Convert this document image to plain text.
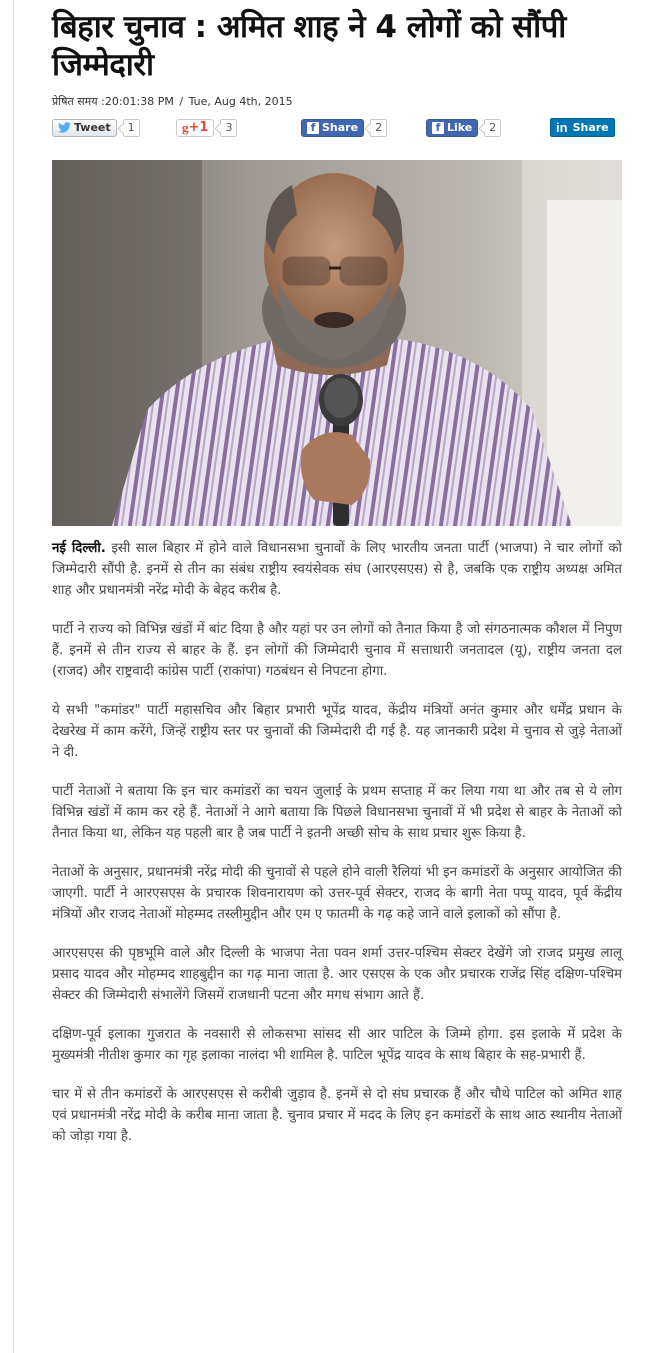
बिहार चुनाव : अमित शाह ने 4 लोगों को सौंपी जिम्मेदारी
प्रेषित समय :20:01:38 PM / Tue, Aug 4th, 2015
Tweet	1	g +1	3	f Share	2	f Like	2	in Share

नई दिल्ली. इसी साल बिहार में होने वाले विधानसभा चुनावों के लिए भारतीय जनता पार्टी (भाजपा) ने चार लोगों को जिम्मेदारी सौंपी है. इनमें से तीन का संबंध राष्ट्रीय स्वयंसेवक संघ (आरएसएस) से है, जबकि एक राष्ट्रीय अध्यक्ष अमित शाह और प्रधानमंत्री नरेंद्र मोदी के बेहद करीब है.

पार्टी ने राज्य को विभिन्न खंडों में बांट दिया है और यहां पर उन लोगों को तैनात किया है जो संगठनात्मक कौशल में निपुण हैं. इनमें से तीन राज्य से बाहर के हैं. इन लोगों की जिम्मेदारी चुनाव में सत्ताधारी जनतादल (यू), राष्ट्रीय जनता दल (राजद) और राष्ट्रवादी कांग्रेस पार्टी (राकांपा) गठबंधन से निपटना होगा.

ये सभी "कमांडर" पार्टी महासचिव और बिहार प्रभारी भूपेंद्र यादव, केंद्रीय मंत्रियों अनंत कुमार और धर्मेंद्र प्रधान के देखरेख में काम करेंगे, जिन्हें राष्ट्रीय स्तर पर चुनावों की जिम्मेदारी दी गई है. यह जानकारी प्रदेश मे चुनाव से जुड़े नेताओं ने दी.

पार्टी नेताओं ने बताया कि इन चार कमांडरों का चयन जुलाई के प्रथम सप्ताह में कर लिया गया था और तब से ये लोग विभिन्न खंडों में काम कर रहे हैं. नेताओं ने आगे बताया कि पिछले विधानसभा चुनावों में भी प्रदेश से बाहर के नेताओं को तैनात किया था, लेकिन यह पहली बार है जब पार्टी ने इतनी अच्छी सोच के साथ प्रचार शुरू किया है.

नेताओं के अनुसार, प्रधानमंत्री नरेंद्र मोदी की चुनावों से पहले होने वाली रैलियां भी इन कमांडरों के अनुसार आयोजित की जाएगी. पार्टी ने आरएसएस के प्रचारक शिवनारायण को उत्तर-पूर्व सेक्टर, राजद के बागी नेता पप्पू यादव, पूर्व केंद्रीय मंत्रियों और राजद नेताओं मोहम्मद तस्लीमुद्दीन और एम ए फातमी के गढ़ कहे जाने वाले इलाकों को सौंपा है.

आरएसएस की पृष्ठभूमि वाले और दिल्ली के भाजपा नेता पवन शर्मा उत्तर-पश्चिम सेक्टर देखेंगे जो राजद प्रमुख लालू प्रसाद यादव और मोहम्मद शाहबुद्दीन का गढ़ माना जाता है. आर एसएस के एक और प्रचारक राजेंद्र सिंह दक्षिण-पश्चिम सेक्टर की जिम्मेदारी संभालेंगे जिसमें राजधानी पटना और मगध संभाग आते हैं.

दक्षिण-पूर्व इलाका गुजरात के नवसारी से लोकसभा सांसद सी आर पाटिल के जिम्मे होगा. इस इलाके में प्रदेश के मुख्यमंत्री नीतीश कुमार का गृह इलाका नालंदा भी शामिल है. पाटिल भूपेंद्र यादव के साथ बिहार के सह-प्रभारी हैं.

चार में से तीन कमांडरों के आरएसएस से करीबी जुड़ाव है. इनमें से दो संघ प्रचारक हैं और चौथे पाटिल को अमित शाह एवं प्रधानमंत्री नरेंद्र मोदी के करीब माना जाता है. चुनाव प्रचार में मदद के लिए इन कमांडरों के साथ आठ स्थानीय नेताओं को जोड़ा गया है.
